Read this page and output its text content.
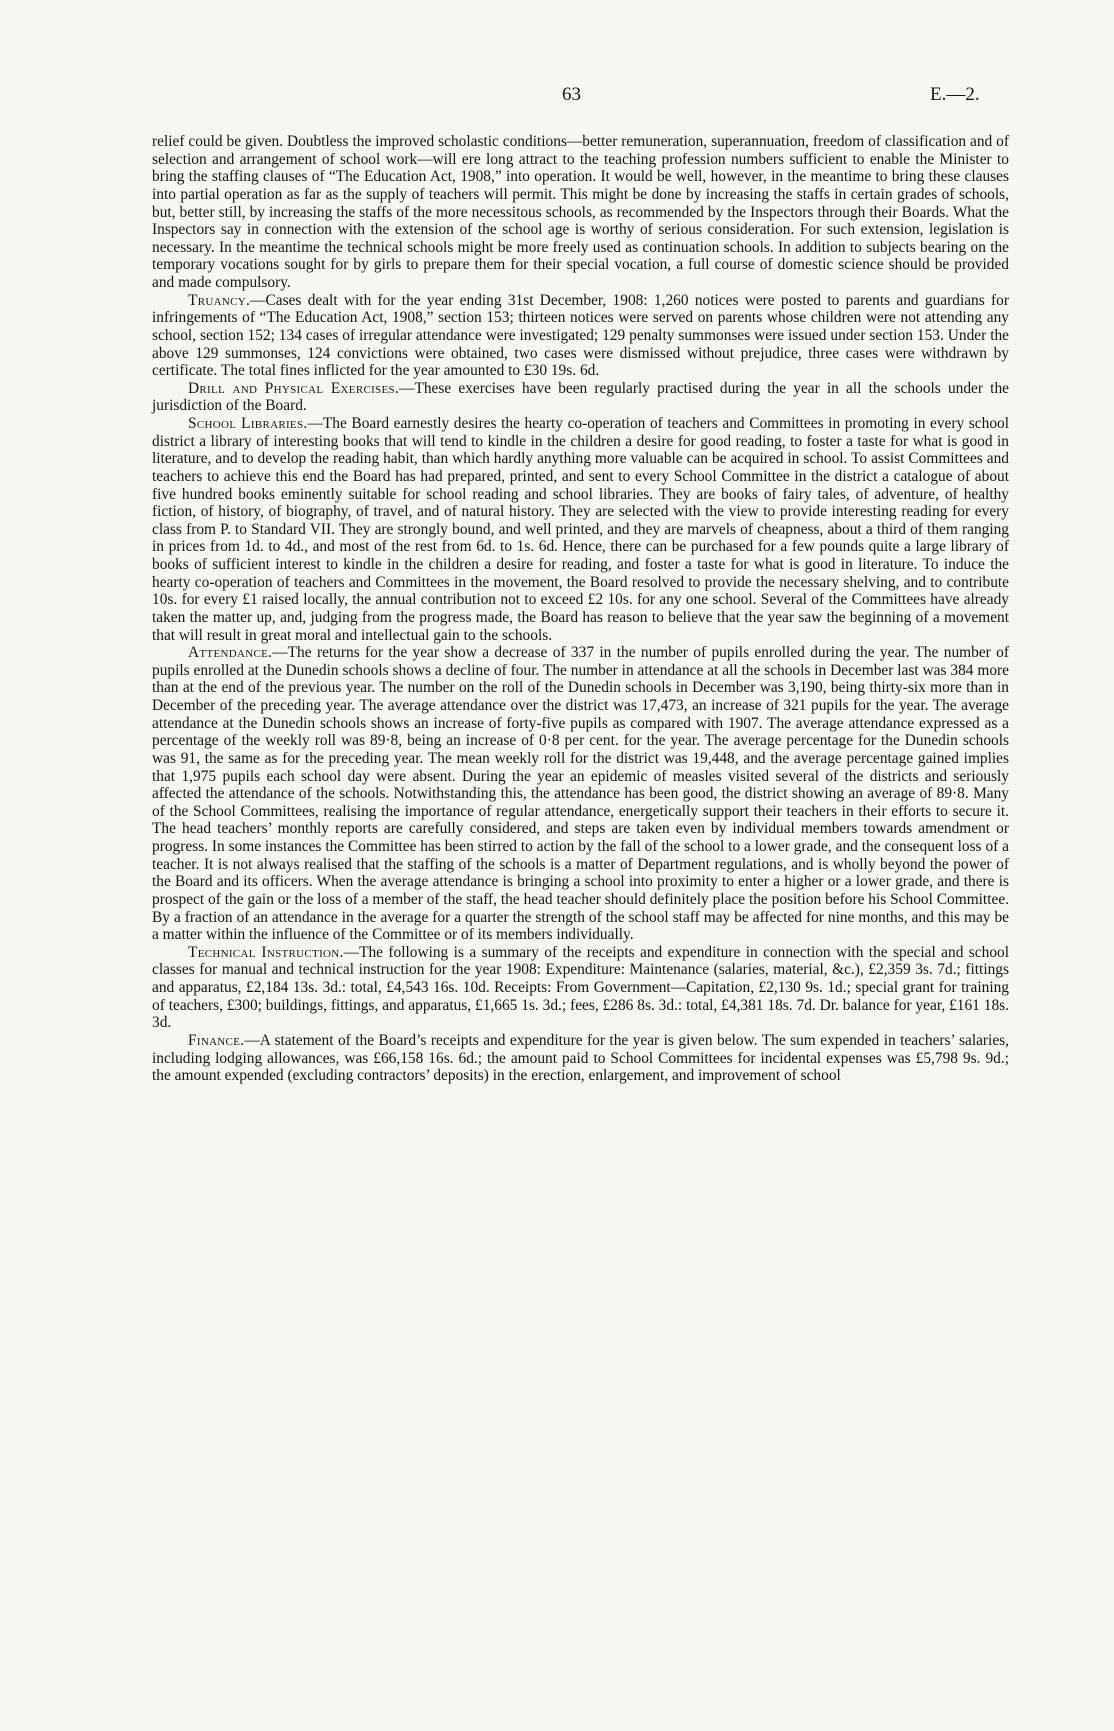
63	E.—2.

relief could be given. Doubtless the improved scholastic conditions—better remuneration, superannuation, freedom of classification and of selection and arrangement of school work—will ere long attract to the teaching profession numbers sufficient to enable the Minister to bring the staffing clauses of “The Education Act, 1908,” into operation. It would be well, however, in the meantime to bring these clauses into partial operation as far as the supply of teachers will permit. This might be done by increasing the staffs in certain grades of schools, but, better still, by increasing the staffs of the more necessitous schools, as recommended by the Inspectors through their Boards. What the Inspectors say in connection with the extension of the school age is worthy of serious consideration. For such extension, legislation is necessary. In the meantime the technical schools might be more freely used as continuation schools. In addition to subjects bearing on the temporary vocations sought for by girls to prepare them for their special vocation, a full course of domestic science should be provided and made compulsory.

Truancy.—Cases dealt with for the year ending 31st December, 1908: 1,260 notices were posted to parents and guardians for infringements of “The Education Act, 1908,” section 153; thirteen notices were served on parents whose children were not attending any school, section 152; 134 cases of irregular attendance were investigated; 129 penalty summonses were issued under section 153. Under the above 129 summonses, 124 convictions were obtained, two cases were dismissed without prejudice, three cases were withdrawn by certificate. The total fines inflicted for the year amounted to £30 19s. 6d.

Drill and Physical Exercises.—These exercises have been regularly practised during the year in all the schools under the jurisdiction of the Board.

School Libraries.—The Board earnestly desires the hearty co-operation of teachers and Committees in promoting in every school district a library of interesting books that will tend to kindle in the children a desire for good reading, to foster a taste for what is good in literature, and to develop the reading habit, than which hardly anything more valuable can be acquired in school. To assist Committees and teachers to achieve this end the Board has had prepared, printed, and sent to every School Committee in the district a catalogue of about five hundred books eminently suitable for school reading and school libraries. They are books of fairy tales, of adventure, of healthy fiction, of history, of biography, of travel, and of natural history. They are selected with the view to provide interesting reading for every class from P. to Standard VII. They are strongly bound, and well printed, and they are marvels of cheapness, about a third of them ranging in prices from 1d. to 4d., and most of the rest from 6d. to 1s. 6d. Hence, there can be purchased for a few pounds quite a large library of books of sufficient interest to kindle in the children a desire for reading, and foster a taste for what is good in literature. To induce the hearty co-operation of teachers and Committees in the movement, the Board resolved to provide the necessary shelving, and to contribute 10s. for every £1 raised locally, the annual contribution not to exceed £2 10s. for any one school. Several of the Committees have already taken the matter up, and, judging from the progress made, the Board has reason to believe that the year saw the beginning of a movement that will result in great moral and intellectual gain to the schools.

Attendance.—The returns for the year show a decrease of 337 in the number of pupils enrolled during the year. The number of pupils enrolled at the Dunedin schools shows a decline of four. The number in attendance at all the schools in December last was 384 more than at the end of the previous year. The number on the roll of the Dunedin schools in December was 3,190, being thirty-six more than in December of the preceding year. The average attendance over the district was 17,473, an increase of 321 pupils for the year. The average attendance at the Dunedin schools shows an increase of forty-five pupils as compared with 1907. The average attendance expressed as a percentage of the weekly roll was 89·8, being an increase of 0·8 per cent. for the year. The average percentage for the Dunedin schools was 91, the same as for the preceding year. The mean weekly roll for the district was 19,448, and the average percentage gained implies that 1,975 pupils each school day were absent. During the year an epidemic of measles visited several of the districts and seriously affected the attendance of the schools. Notwithstanding this, the attendance has been good, the district showing an average of 89·8. Many of the School Committees, realising the importance of regular attendance, energetically support their teachers in their efforts to secure it. The head teachers’ monthly reports are carefully considered, and steps are taken even by individual members towards amendment or progress. In some instances the Committee has been stirred to action by the fall of the school to a lower grade, and the consequent loss of a teacher. It is not always realised that the staffing of the schools is a matter of Department regulations, and is wholly beyond the power of the Board and its officers. When the average attendance is bringing a school into proximity to enter a higher or a lower grade, and there is prospect of the gain or the loss of a member of the staff, the head teacher should definitely place the position before his School Committee. By a fraction of an attendance in the average for a quarter the strength of the school staff may be affected for nine months, and this may be a matter within the influence of the Committee or of its members individually.

Technical Instruction.—The following is a summary of the receipts and expenditure in connection with the special and school classes for manual and technical instruction for the year 1908: Expenditure: Maintenance (salaries, material, &c.), £2,359 3s. 7d.; fittings and apparatus, £2,184 13s. 3d.: total, £4,543 16s. 10d. Receipts: From Government—Capitation, £2,130 9s. 1d.; special grant for training of teachers, £300; buildings, fittings, and apparatus, £1,665 1s. 3d.; fees, £286 8s. 3d.: total, £4,381 18s. 7d. Dr. balance for year, £161 18s. 3d.

Finance.—A statement of the Board’s receipts and expenditure for the year is given below. The sum expended in teachers’ salaries, including lodging allowances, was £66,158 16s. 6d.; the amount paid to School Committees for incidental expenses was £5,798 9s. 9d.; the amount expended (excluding contractors’ deposits) in the erection, enlargement, and improvement of school
